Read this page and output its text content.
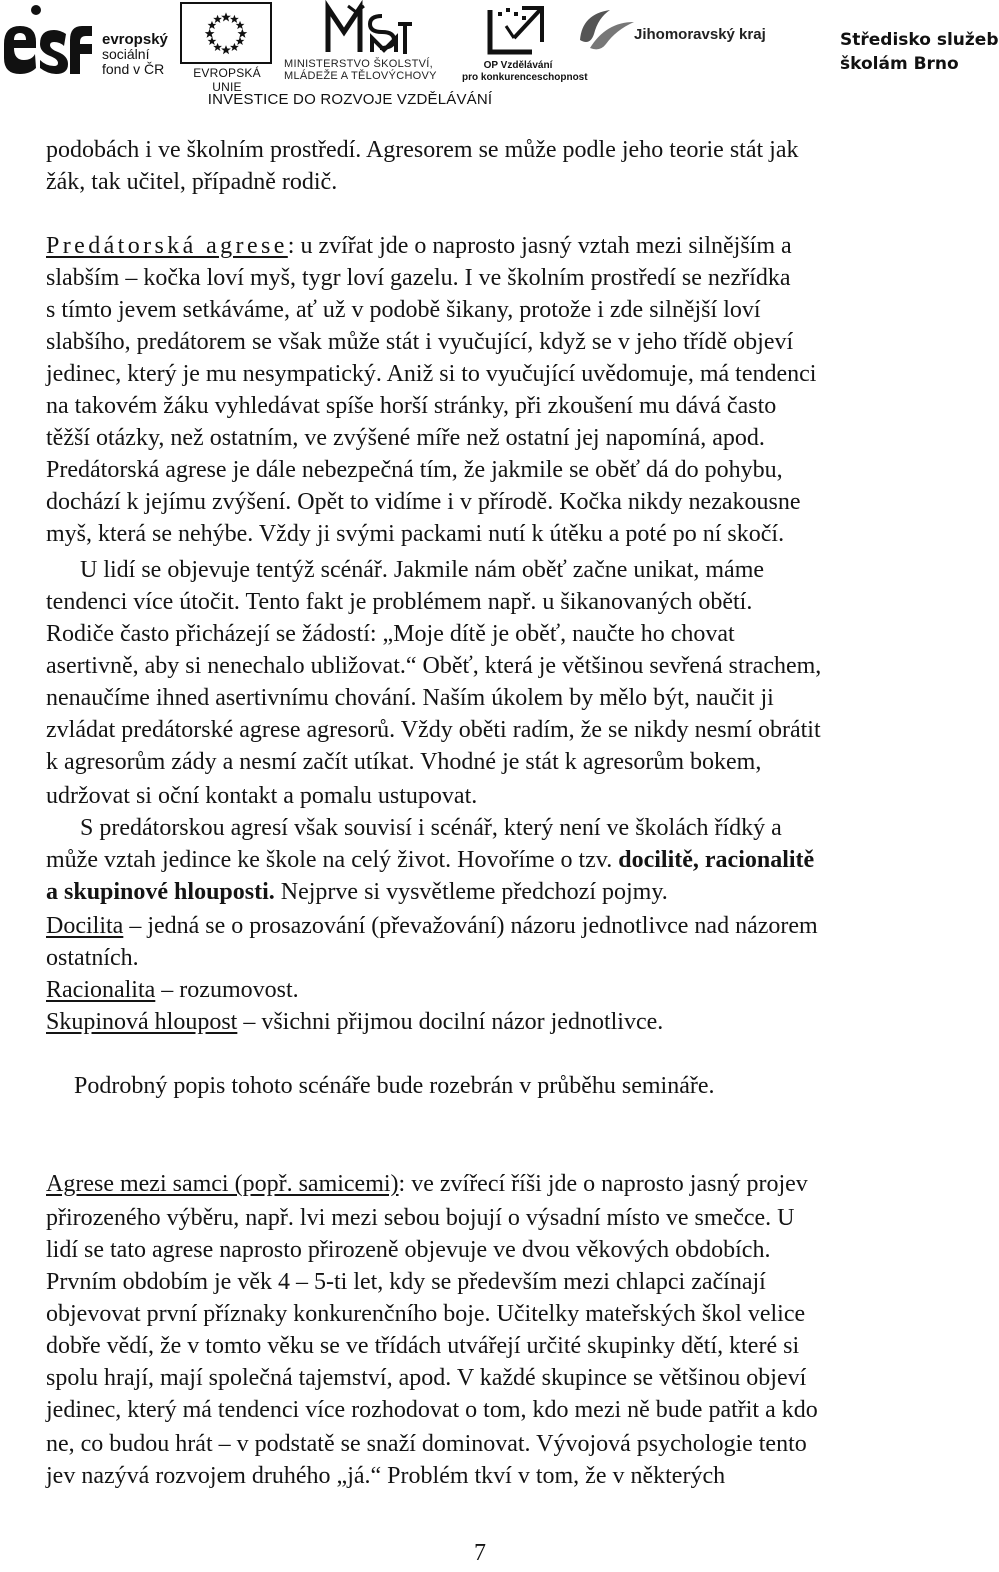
evropský
sociální
fond v ČR	EVROPSKÁ UNIE
MINISTERSTVO ŠKOLSTVÍ,
MLÁDEŽE A TĚLOVÝCHOVY
OP Vzdělávání
pro konkurenceschopnost
Jihomoravský kraj	Středisko služeb
školám Brno
INVESTICE DO ROZVOJE VZDĚLÁVÁNÍ
podobách i ve školním prostředí. Agresorem se může podle jeho teorie stát jak
žák, tak učitel, případně rodič.
Predátorská agrese: u zvířat jde o naprosto jasný vztah mezi silnějším a
slabším – kočka loví myš, tygr loví gazelu. I ve školním prostředí se nezřídka
s tímto jevem setkáváme, ať už v podobě šikany, protože i zde silnější loví
slabšího, predátorem se však může stát i vyučující, když se v jeho třídě objeví
jedinec, který je mu nesympatický. Aniž si to vyučující uvědomuje, má tendenci
na takovém žáku vyhledávat spíše horší stránky, při zkoušení mu dává často
těžší otázky, než ostatním, ve zvýšené míře než ostatní jej napomíná, apod.
Predátorská agrese je dále nebezpečná tím, že jakmile se oběť dá do pohybu,
dochází k jejímu zvýšení. Opět to vidíme i v přírodě. Kočka nikdy nezakousne
myš, která se nehýbe. Vždy ji svými packami nutí k útěku a poté po ní skočí.
U lidí se objevuje tentýž scénář. Jakmile nám oběť začne unikat, máme
tendenci více útočit. Tento fakt je problémem např. u šikanovaných obětí.
Rodiče často přicházejí se žádostí: „Moje dítě je oběť, naučte ho chovat
asertivně, aby si nenechalo ubližovat.“ Oběť, která je většinou sevřená strachem,
nenaučíme ihned asertivnímu chování. Naším úkolem by mělo být, naučit ji
zvládat predátorské agrese agresorů. Vždy oběti radím, že se nikdy nesmí obrátit
k agresorům zády a nesmí začít utíkat. Vhodné je stát k agresorům bokem,
udržovat si oční kontakt a pomalu ustupovat.
S predátorskou agresí však souvisí i scénář, který není ve školách řídký a
může vztah jedince ke škole na celý život. Hovoříme o tzv. docilitě, racionalitě
a skupinové hlouposti. Nejprve si vysvětleme předchozí pojmy.
Docilita – jedná se o prosazování (převažování) názoru jednotlivce nad názorem
ostatních.
Racionalita – rozumovost.
Skupinová hloupost – všichni přijmou docilní názor jednotlivce.
Podrobný popis tohoto scénáře bude rozebrán v průběhu semináře.
Agrese mezi samci (popř. samicemi): ve zvířecí říši jde o naprosto jasný projev
přirozeného výběru, např. lvi mezi sebou bojují o výsadní místo ve smečce. U
lidí se tato agrese naprosto přirozeně objevuje ve dvou věkových obdobích.
Prvním obdobím je věk 4 – 5-ti let, kdy se především mezi chlapci začínají
objevovat první příznaky konkurenčního boje. Učitelky mateřských škol velice
dobře vědí, že v tomto věku se ve třídách utvářejí určité skupinky dětí, které si
spolu hrají, mají společná tajemství, apod. V každé skupince se většinou objeví
jedinec, který má tendenci více rozhodovat o tom, kdo mezi ně bude patřit a kdo
ne, co budou hrát – v podstatě se snaží dominovat. Vývojová psychologie tento
jev nazývá rozvojem druhého „já.“ Problém tkví v tom, že v některých
7
